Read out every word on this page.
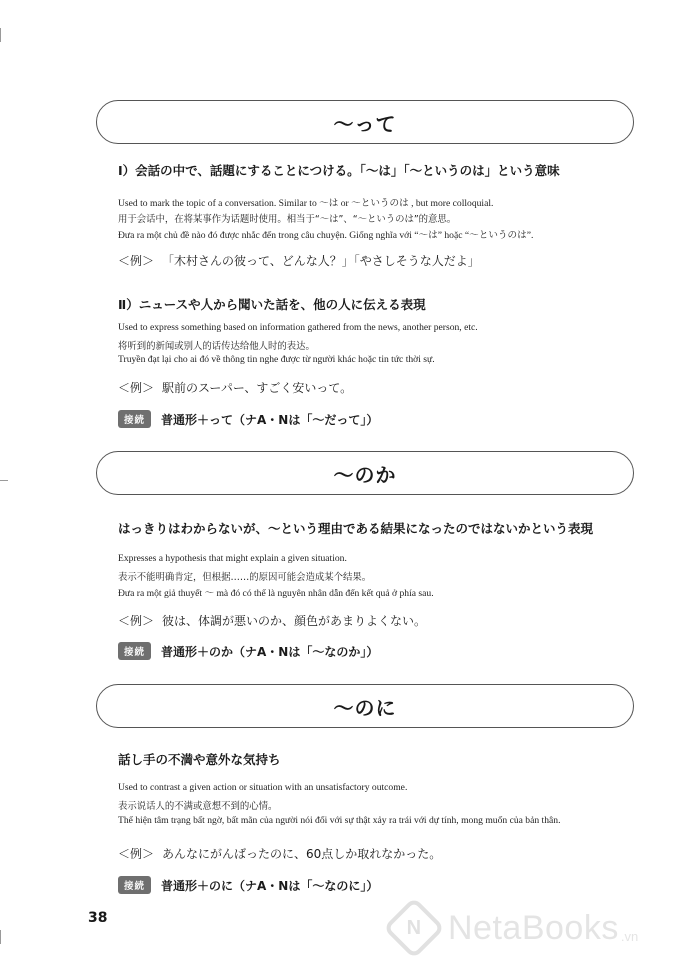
～って
Ⅰ）会話の中で、話題にすることにつける。「～は」「～というのは」という意味
Used to mark the topic of a conversation. Similar to ～は or ～というのは , but more colloquial.
用于会话中，在将某事作为话题时使用。相当于“～は”、“～というのは”的意思。
Đưa ra một chủ đề nào đó được nhắc đến trong câu chuyện. Giống nghĩa với “～は” hoặc “～というのは”.
＜例＞ 「木村さんの彼って、どんな人？」「やさしそうな人だよ」
Ⅱ）ニュースや人から聞いた話を、他の人に伝える表現
Used to express something based on information gathered from the news, another person, etc.
将听到的新闻或别人的话传达给他人时的表达。
Truyền đạt lại cho ai đó về thông tin nghe được từ người khác hoặc tin tức thời sự.
＜例＞ 駅前のスーパー、すごく安いって。
接続	普通形＋って（ナA・Nは「～だって」）
～のか
はっきりはわからないが、～という理由である結果になったのではないかという表現
Expresses a hypothesis that might explain a given situation.
表示不能明确肯定，但根据……的原因可能会造成某个结果。
Đưa ra một giả thuyết ～ mà đó có thể là nguyên nhân dẫn đến kết quả ở phía sau.
＜例＞ 彼は、体調が悪いのか、顔色があまりよくない。
接続	普通形＋のか（ナA・Nは「～なのか」）
～のに
話し手の不満や意外な気持ち
Used to contrast a given action or situation with an unsatisfactory outcome.
表示说话人的不满或意想不到的心情。
Thể hiện tâm trạng bất ngờ, bất mãn của người nói đối với sự thật xảy ra trái với dự tính, mong muốn của bản thân.
＜例＞ あんなにがんばったのに、60点しか取れなかった。
接続	普通形＋のに（ナA・Nは「～なのに」）
38	N NetaBooks .vn
